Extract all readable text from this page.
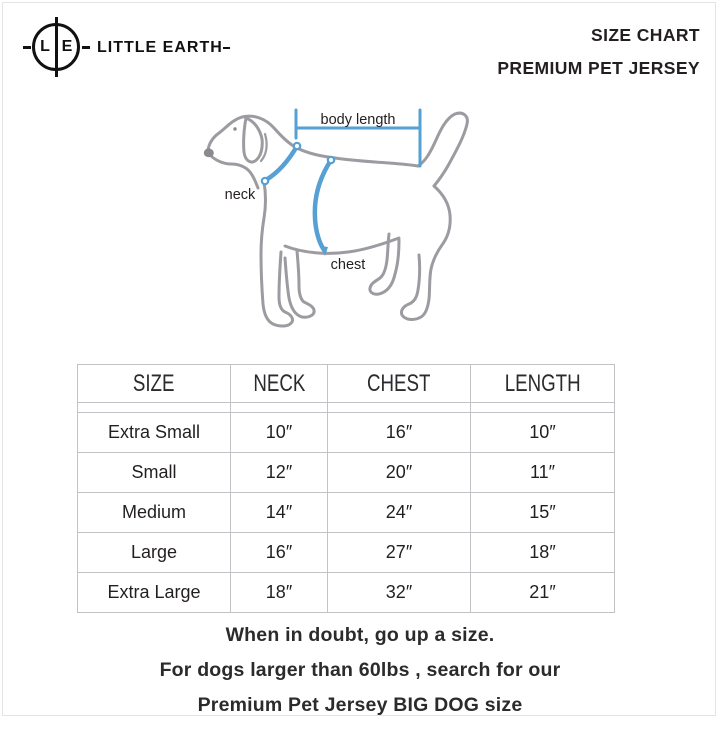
L E LITTLE EARTH
SIZE CHART
PREMIUM PET JERSEY
body length
neck
chest
SIZE	NECK	CHEST	LENGTH

Extra Small	10″	16″	10″
Small	12″	20″	11″
Medium	14″	24″	15″
Large	16″	27″	18″
Extra Large	18″	32″	21″
When in doubt, go up a size.
For dogs larger than 60lbs , search for our
Premium Pet Jersey BIG DOG size
